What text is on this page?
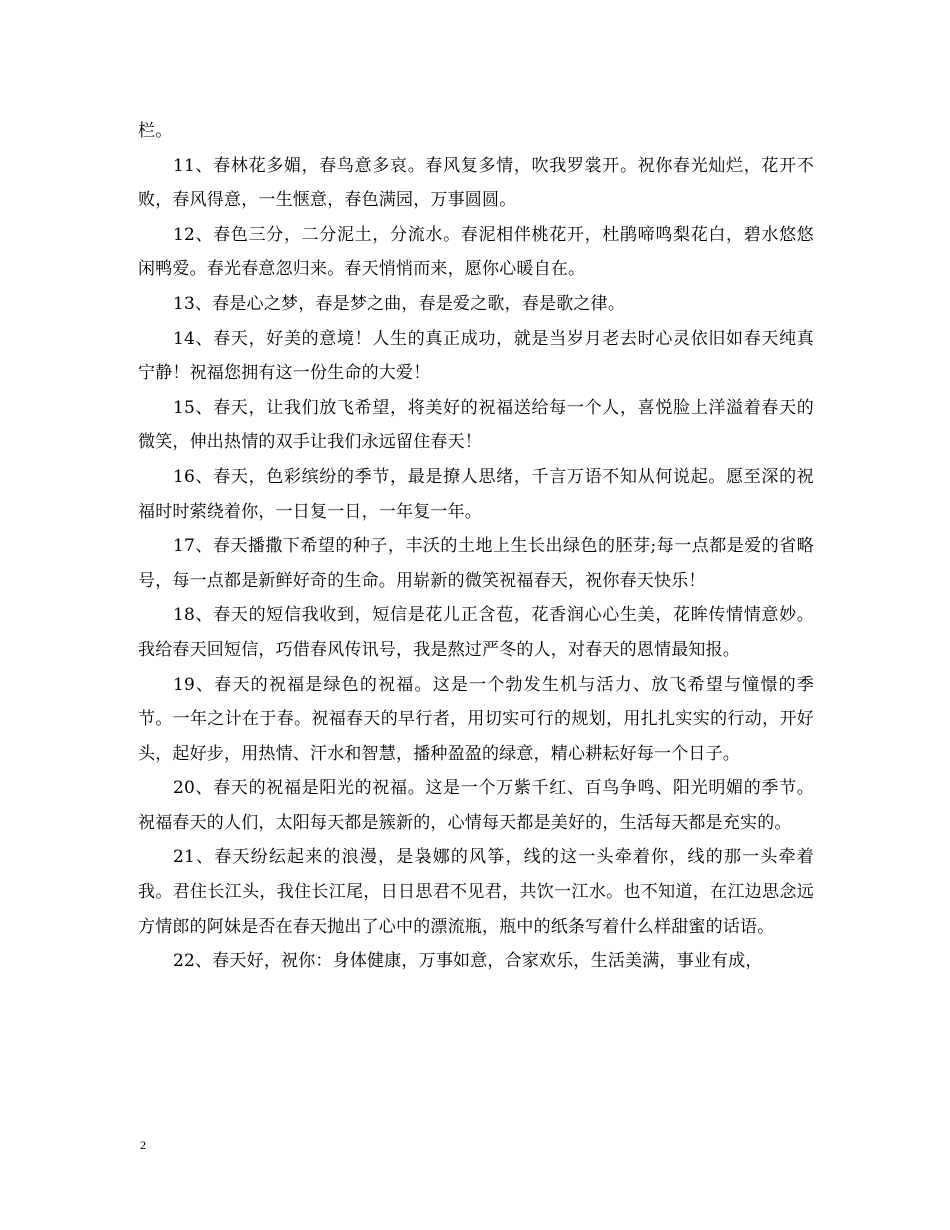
栏。

11、春林花多媚，春鸟意多哀。春风复多情，吹我罗裳开。祝你春光灿烂，花开不败，春风得意，一生惬意，春色满园，万事圆圆。

12、春色三分，二分泥土，分流水。春泥相伴桃花开，杜鹃啼鸣梨花白，碧水悠悠闲鸭爱。春光春意忽归来。春天悄悄而来，愿你心暖自在。

13、春是心之梦，春是梦之曲，春是爱之歌，春是歌之律。

14、春天，好美的意境！人生的真正成功，就是当岁月老去时心灵依旧如春天纯真宁静！祝福您拥有这一份生命的大爱！

15、春天，让我们放飞希望，将美好的祝福送给每一个人，喜悦脸上洋溢着春天的微笑，伸出热情的双手让我们永远留住春天！

16、春天，色彩缤纷的季节，最是撩人思绪，千言万语不知从何说起。愿至深的祝福时时萦绕着你，一日复一日，一年复一年。

17、春天播撒下希望的种子，丰沃的土地上生长出绿色的胚芽;每一点都是爱的省略号，每一点都是新鲜好奇的生命。用崭新的微笑祝福春天，祝你春天快乐！

18、春天的短信我收到，短信是花儿正含苞，花香润心心生美，花眸传情情意妙。我给春天回短信，巧借春风传讯号，我是熬过严冬的人，对春天的恩情最知报。

19、春天的祝福是绿色的祝福。这是一个勃发生机与活力、放飞希望与憧憬的季节。一年之计在于春。祝福春天的早行者，用切实可行的规划，用扎扎实实的行动，开好头，起好步，用热情、汗水和智慧，播种盈盈的绿意，精心耕耘好每一个日子。

20、春天的祝福是阳光的祝福。这是一个万紫千红、百鸟争鸣、阳光明媚的季节。祝福春天的人们，太阳每天都是簇新的，心情每天都是美好的，生活每天都是充实的。

21、春天纷纭起来的浪漫，是袅娜的风筝，线的这一头牵着你，线的那一头牵着我。君住长江头，我住长江尾，日日思君不见君，共饮一江水。也不知道，在江边思念远方情郎的阿妹是否在春天抛出了心中的漂流瓶，瓶中的纸条写着什么样甜蜜的话语。

22、春天好，祝你：身体健康，万事如意，合家欢乐，生活美满，事业有成，

2
